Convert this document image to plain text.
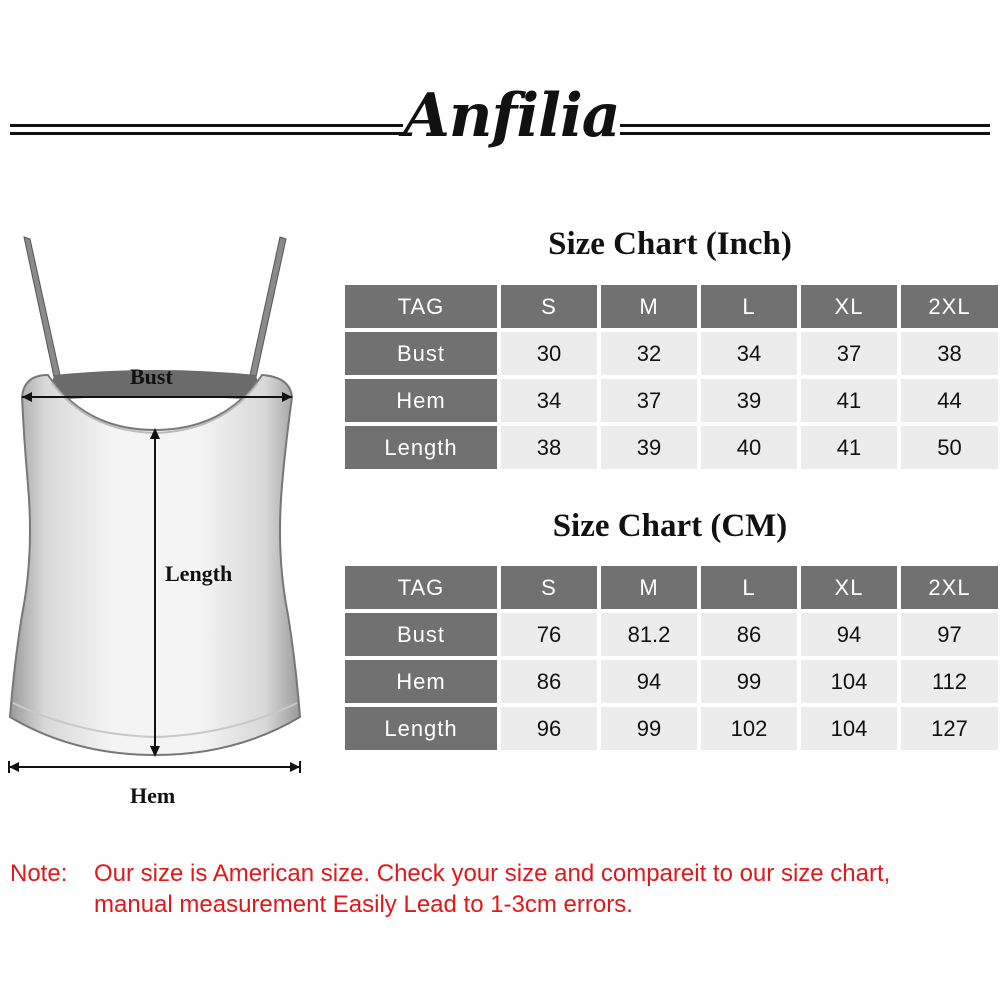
Anfilia
Bust
Length
Hem
Size Chart (Inch)
TAG	S	M	L	XL	2XL
Bust	30	32	34	37	38
Hem	34	37	39	41	44
Length	38	39	40	41	50
Size Chart (CM)
TAG	S	M	L	XL	2XL
Bust	76	81.2	86	94	97
Hem	86	94	99	104	112
Length	96	99	102	104	127
Note: Our size is American size. Check your size and compareit to our size chart,
manual measurement Easily Lead to 1-3cm errors.
